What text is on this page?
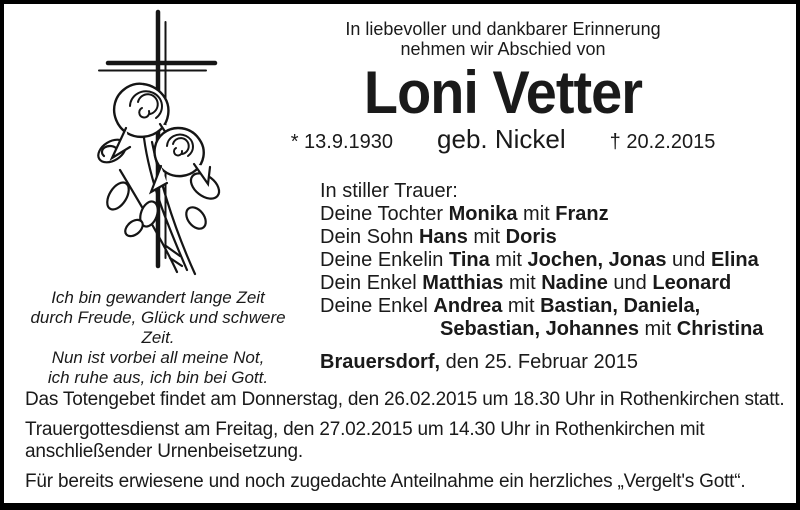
In liebevoller und dankbarer Erinnerung
nehmen wir Abschied von
Loni Vetter
* 13.9.1930 geb. Nickel † 20.2.2015
Ich bin gewandert lange Zeit
durch Freude, Glück und schwere Zeit.
Nun ist vorbei all meine Not,
ich ruhe aus, ich bin bei Gott.
In stiller Trauer:
Deine Tochter Monika mit Franz
Dein Sohn Hans mit Doris
Deine Enkelin Tina mit Jochen, Jonas und Elina
Dein Enkel Matthias mit Nadine und Leonard
Deine Enkel Andrea mit Bastian, Daniela,
Sebastian, Johannes mit Christina
Brauersdorf, den 25. Februar 2015
Das Totengebet findet am Donnerstag, den 26.02.2015 um 18.30 Uhr in Rothenkirchen statt.
Trauergottesdienst am Freitag, den 27.02.2015 um 14.30 Uhr in Rothenkirchen mit
anschließender Urnenbeisetzung.
Für bereits erwiesene und noch zugedachte Anteilnahme ein herzliches „Vergelt's Gott“.
